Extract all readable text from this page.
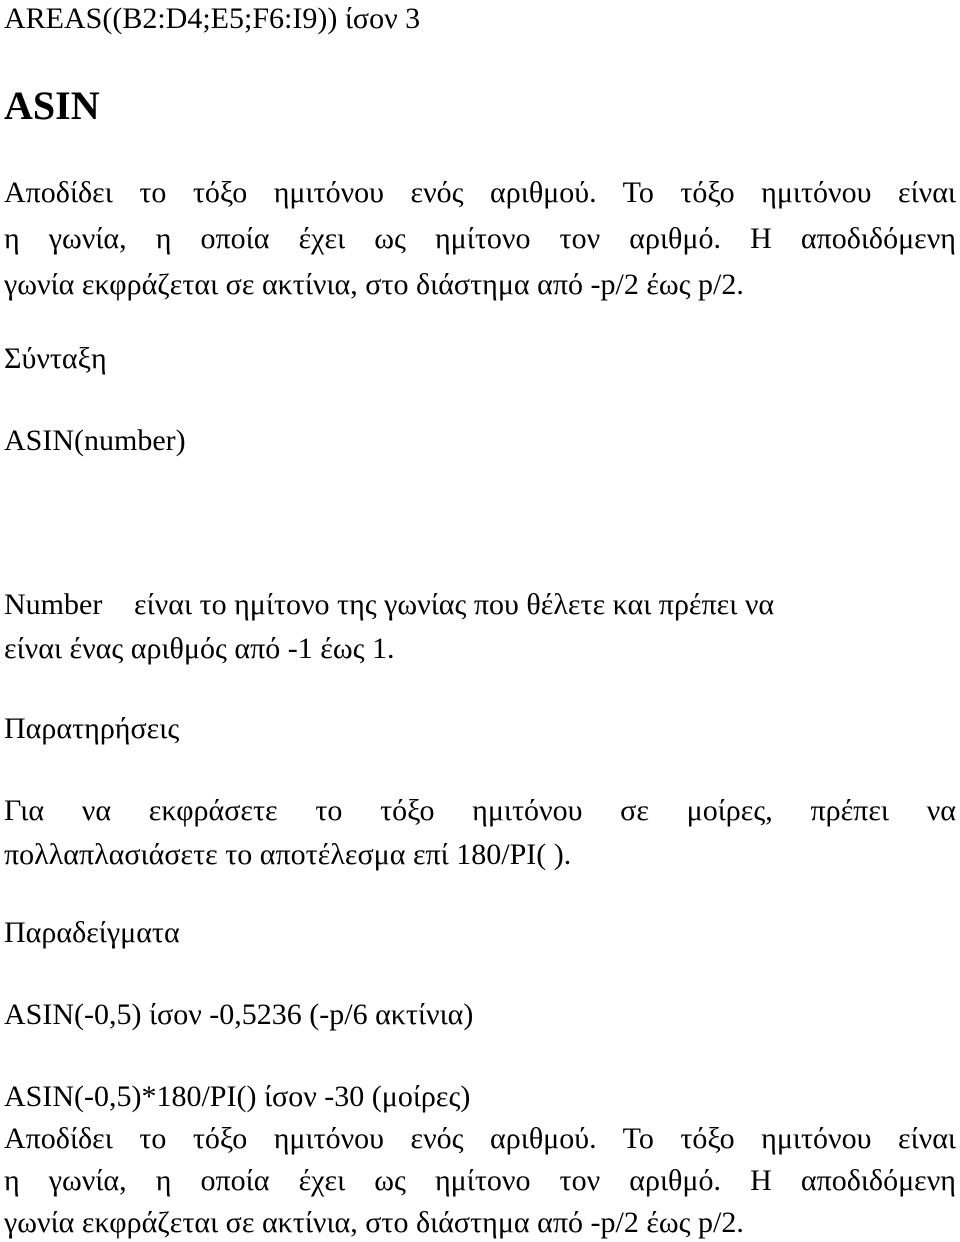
AREAS((B2:D4;E5;F6:I9)) ίσον 3
ASIN
Αποδίδει το τόξο ημιτόνου ενός αριθμού. Το τόξο ημιτόνου είναι
η γωνία, η οποία έχει ως ημίτονο τον αριθμό. Η αποδιδόμενη
γωνία εκφράζεται σε ακτίνια, στο διάστημα από -p/2 έως p/2.
Σύνταξη
ASIN(number)
Number είναι το ημίτονο της γωνίας που θέλετε και πρέπει να
είναι ένας αριθμός από -1 έως 1.
Παρατηρήσεις
Για να εκφράσετε το τόξο ημιτόνου σε μοίρες, πρέπει να
πολλαπλασιάσετε το αποτέλεσμα επί 180/PI( ).
Παραδείγματα
ASIN(-0,5) ίσον -0,5236 (-p/6 ακτίνια)
ASIN(-0,5)*180/PI() ίσον -30 (μοίρες)
Αποδίδει το τόξο ημιτόνου ενός αριθμού. Το τόξο ημιτόνου είναι
η γωνία, η οποία έχει ως ημίτονο τον αριθμό. Η αποδιδόμενη
γωνία εκφράζεται σε ακτίνια, στο διάστημα από -p/2 έως p/2.
